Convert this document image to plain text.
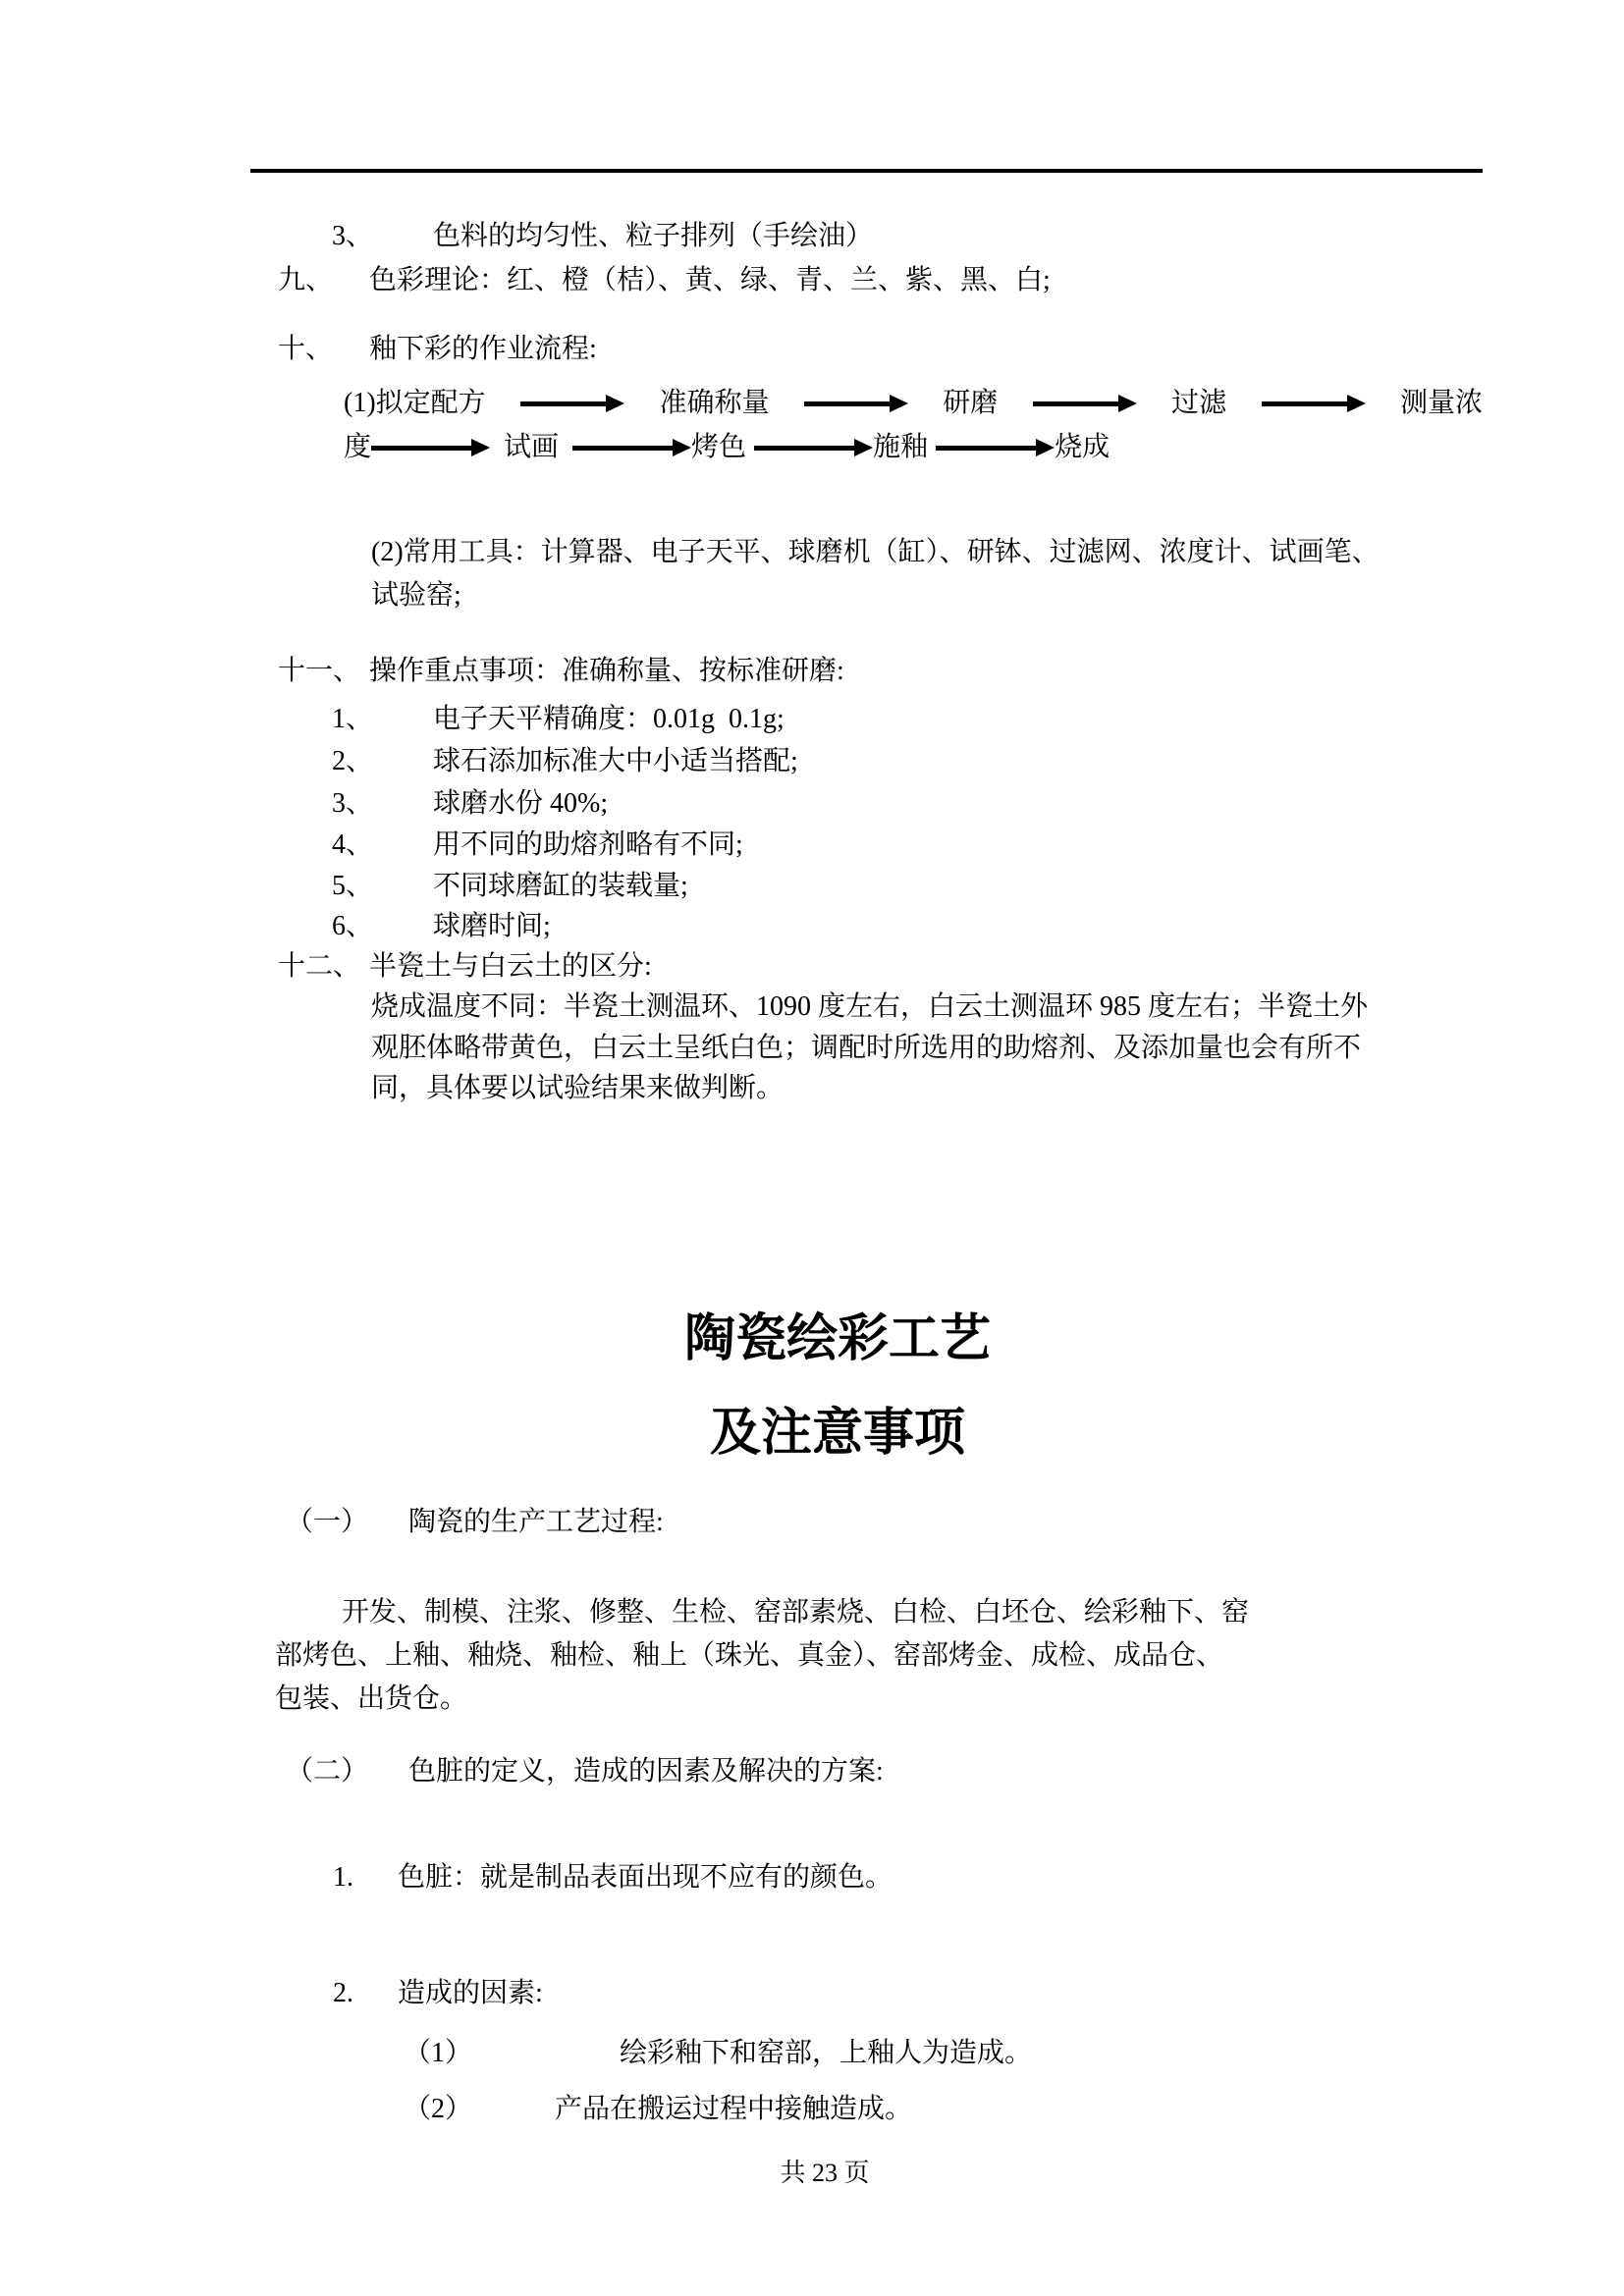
3、 色料的均匀性、粒子排列（手绘油）

九、 色彩理论：红、橙（桔）、黄、绿、青、兰、紫、黑、白;

十、 釉下彩的作业流程:

(1)拟定配方	准确称量	研磨	过滤	测量浓
度	试画	烤色	施釉	烧成

(2)常用工具：计算器、电子天平、球磨机（缸）、研钵、过滤网、浓度计、试画笔、

试验窑;

十一、 操作重点事项：准确称量、按标准研磨:

1、 电子天平精确度：0.01g  0.1g;

2、 球石添加标准大中小适当搭配;

3、 球磨水份 40%;

4、 用不同的助熔剂略有不同;

5、 不同球磨缸的装载量;

6、 球磨时间;

十二、 半瓷土与白云土的区分:

烧成温度不同：半瓷土测温环、1090 度左右，白云土测温环 985 度左右；半瓷土外

观胚体略带黄色，白云土呈纸白色；调配时所选用的助熔剂、及添加量也会有所不

同，具体要以试验结果来做判断。

陶瓷绘彩工艺

及注意事项

（一） 陶瓷的生产工艺过程:

开发、制模、注浆、修整、生检、窑部素烧、白检、白坯仓、绘彩釉下、窑

部烤色、上釉、釉烧、釉检、釉上（珠光、真金）、窑部烤金、成检、成品仓、

包装、出货仓。

（二） 色脏的定义，造成的因素及解决的方案:

1. 色脏：就是制品表面出现不应有的颜色。

2. 造成的因素:

（1）	绘彩釉下和窑部，上釉人为造成。

（2）	产品在搬运过程中接触造成。

共 23 页
